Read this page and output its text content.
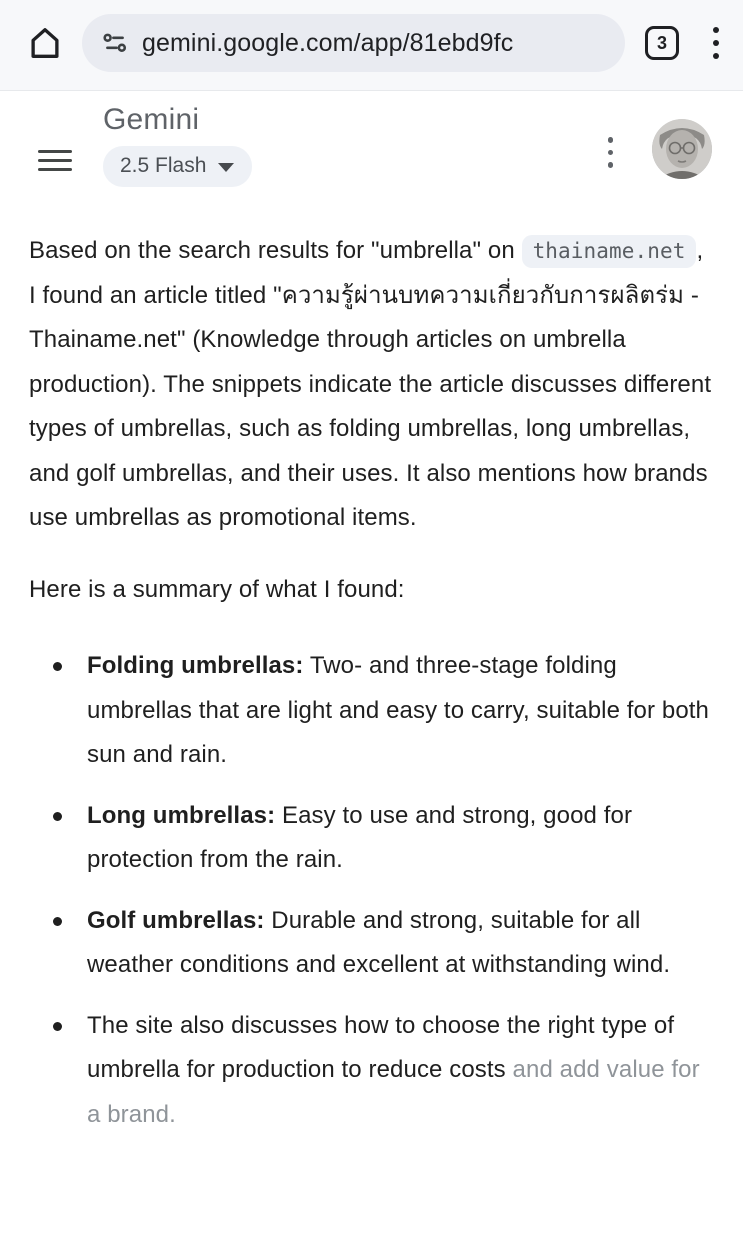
gemini.google.com/app/81ebd9fc	3
Gemini
2.5 Flash

Based on the search results for "umbrella" on thainame.net , I found an article titled "ความรู้ผ่านบทความเกี่ยวกับการผลิตร่ม - Thainame.net" (Knowledge through articles on umbrella production). The snippets indicate the article discusses different types of umbrellas, such as folding umbrellas, long umbrellas, and golf umbrellas, and their uses. It also mentions how brands use umbrellas as promotional items.

Here is a summary of what I found:

Folding umbrellas: Two- and three-stage folding umbrellas that are light and easy to carry, suitable for both sun and rain.
Long umbrellas: Easy to use and strong, good for protection from the rain.
Golf umbrellas: Durable and strong, suitable for all weather conditions and excellent at withstanding wind.
The site also discusses how to choose the right type of umbrella for production to reduce costs and add value for a brand.
